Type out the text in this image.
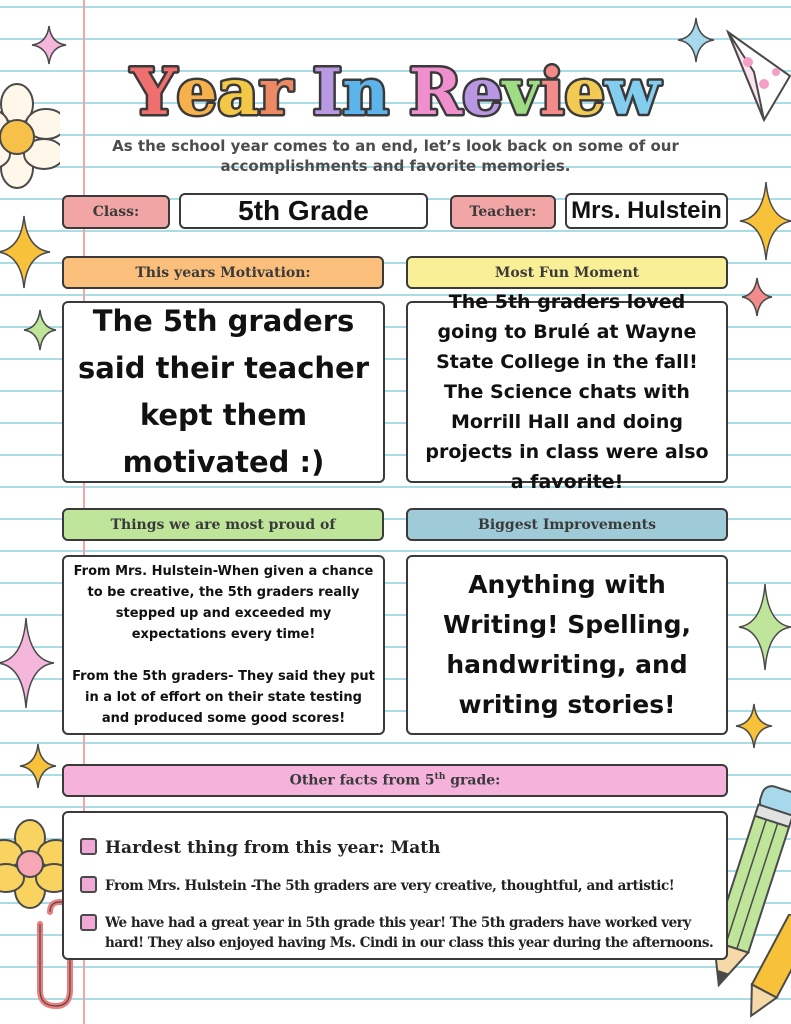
Y e a r I n R e v i e w
As the school year comes to an end, let’s look back on some of our accomplishments and favorite memories.
Class:	5th Grade	Teacher:	Mrs. Hulstein
This years Motivation:
The 5th graders said their teacher kept them motivated :)
Most Fun Moment
The 5th graders loved going to Brulé at Wayne State College in the fall! The Science chats with Morrill Hall and doing projects in class were also a favorite!
Things we are most proud of
From Mrs. Hulstein-When given a chance to be creative, the 5th graders really stepped up and exceeded my expectations every time!
From the 5th graders- They said they put in a lot of effort on their state testing and produced some good scores!
Biggest Improvements
Anything with Writing! Spelling, handwriting, and writing stories!
Other facts from 5th grade:
Hardest thing from this year: Math
From Mrs. Hulstein -The 5th graders are very creative, thoughtful, and artistic!
We have had a great year in 5th grade this year! The 5th graders have worked very hard! They also enjoyed having Ms. Cindi in our class this year during the afternoons.
